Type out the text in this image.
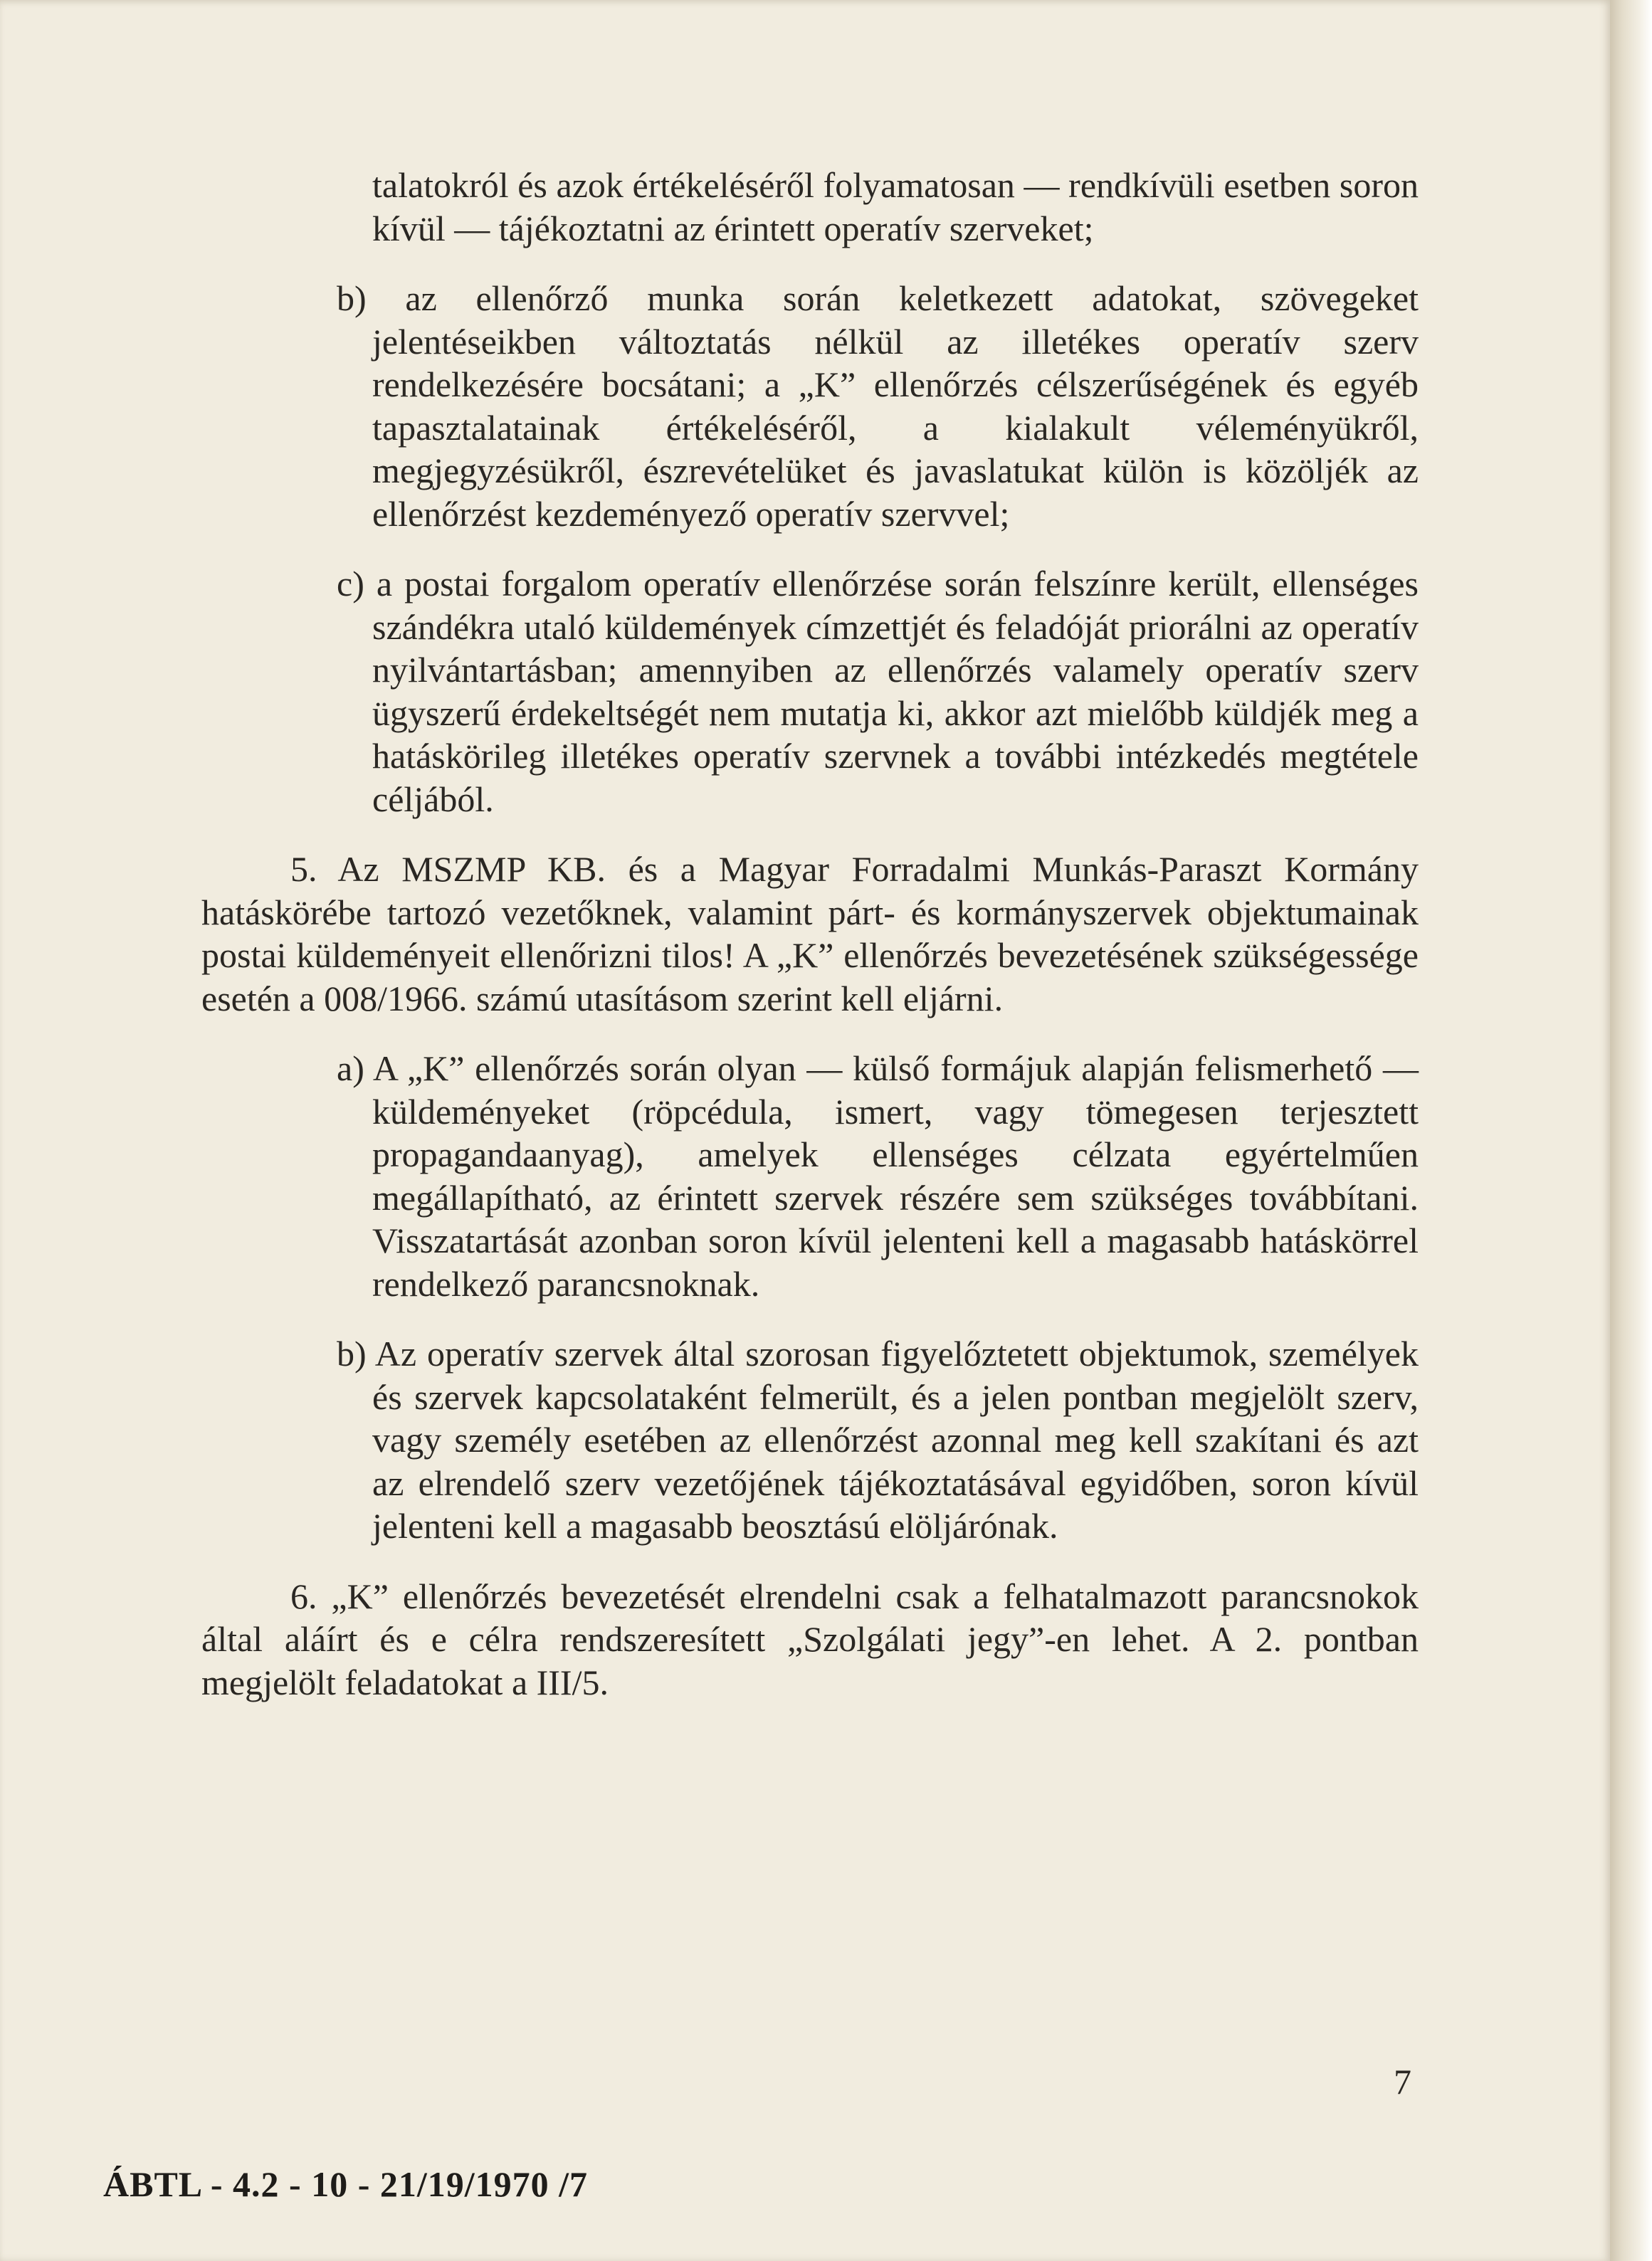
talatokról és azok értékeléséről folyamatosan — rendkívüli esetben soron kívül — tájékoztatni az érintett operatív szerveket;

b) az ellenőrző munka során keletkezett adatokat, szövegeket jelentéseikben változtatás nélkül az illetékes operatív szerv rendelkezésére bocsátani; a „K” ellenőrzés célszerűségének és egyéb tapasztalatainak értékeléséről, a kialakult véleményükről, megjegyzésükről, észrevételüket és javaslatukat külön is közöljék az ellenőrzést kezdeményező operatív szervvel;

c) a postai forgalom operatív ellenőrzése során felszínre került, ellenséges szándékra utaló küldemények címzettjét és feladóját priorálni az operatív nyilvántartásban; amennyiben az ellenőrzés valamely operatív szerv ügyszerű érdekeltségét nem mutatja ki, akkor azt mielőbb küldjék meg a hatáskörileg illetékes operatív szervnek a további intézkedés megtétele céljából.

5. Az MSZMP KB. és a Magyar Forradalmi Munkás-Paraszt Kormány hatáskörébe tartozó vezetőknek, valamint párt- és kormányszervek objektumainak postai küldeményeit ellenőrizni tilos! A „K” ellenőrzés bevezetésének szükségessége esetén a 008/1966. számú utasításom szerint kell eljárni.

a) A „K” ellenőrzés során olyan — külső formájuk alapján felismerhető — küldeményeket (röpcédula, ismert, vagy tömegesen terjesztett propagandaanyag), amelyek ellenséges célzata egyértelműen megállapítható, az érintett szervek részére sem szükséges továbbítani. Visszatartását azonban soron kívül jelenteni kell a magasabb hatáskörrel rendelkező parancsnoknak.

b) Az operatív szervek által szorosan figyelőztetett objektumok, személyek és szervek kapcsolataként felmerült, és a jelen pontban megjelölt szerv, vagy személy esetében az ellenőrzést azonnal meg kell szakítani és azt az elrendelő szerv vezetőjének tájékoztatásával egyidőben, soron kívül jelenteni kell a magasabb beosztású elöljárónak.

6. „K” ellenőrzés bevezetését elrendelni csak a felhatalmazott parancsnokok által aláírt és e célra rendszeresített „Szolgálati jegy”-en lehet. A 2. pontban megjelölt feladatokat a III/5.

7
ÁBTL - 4.2 - 10 - 21/19/1970 /7
